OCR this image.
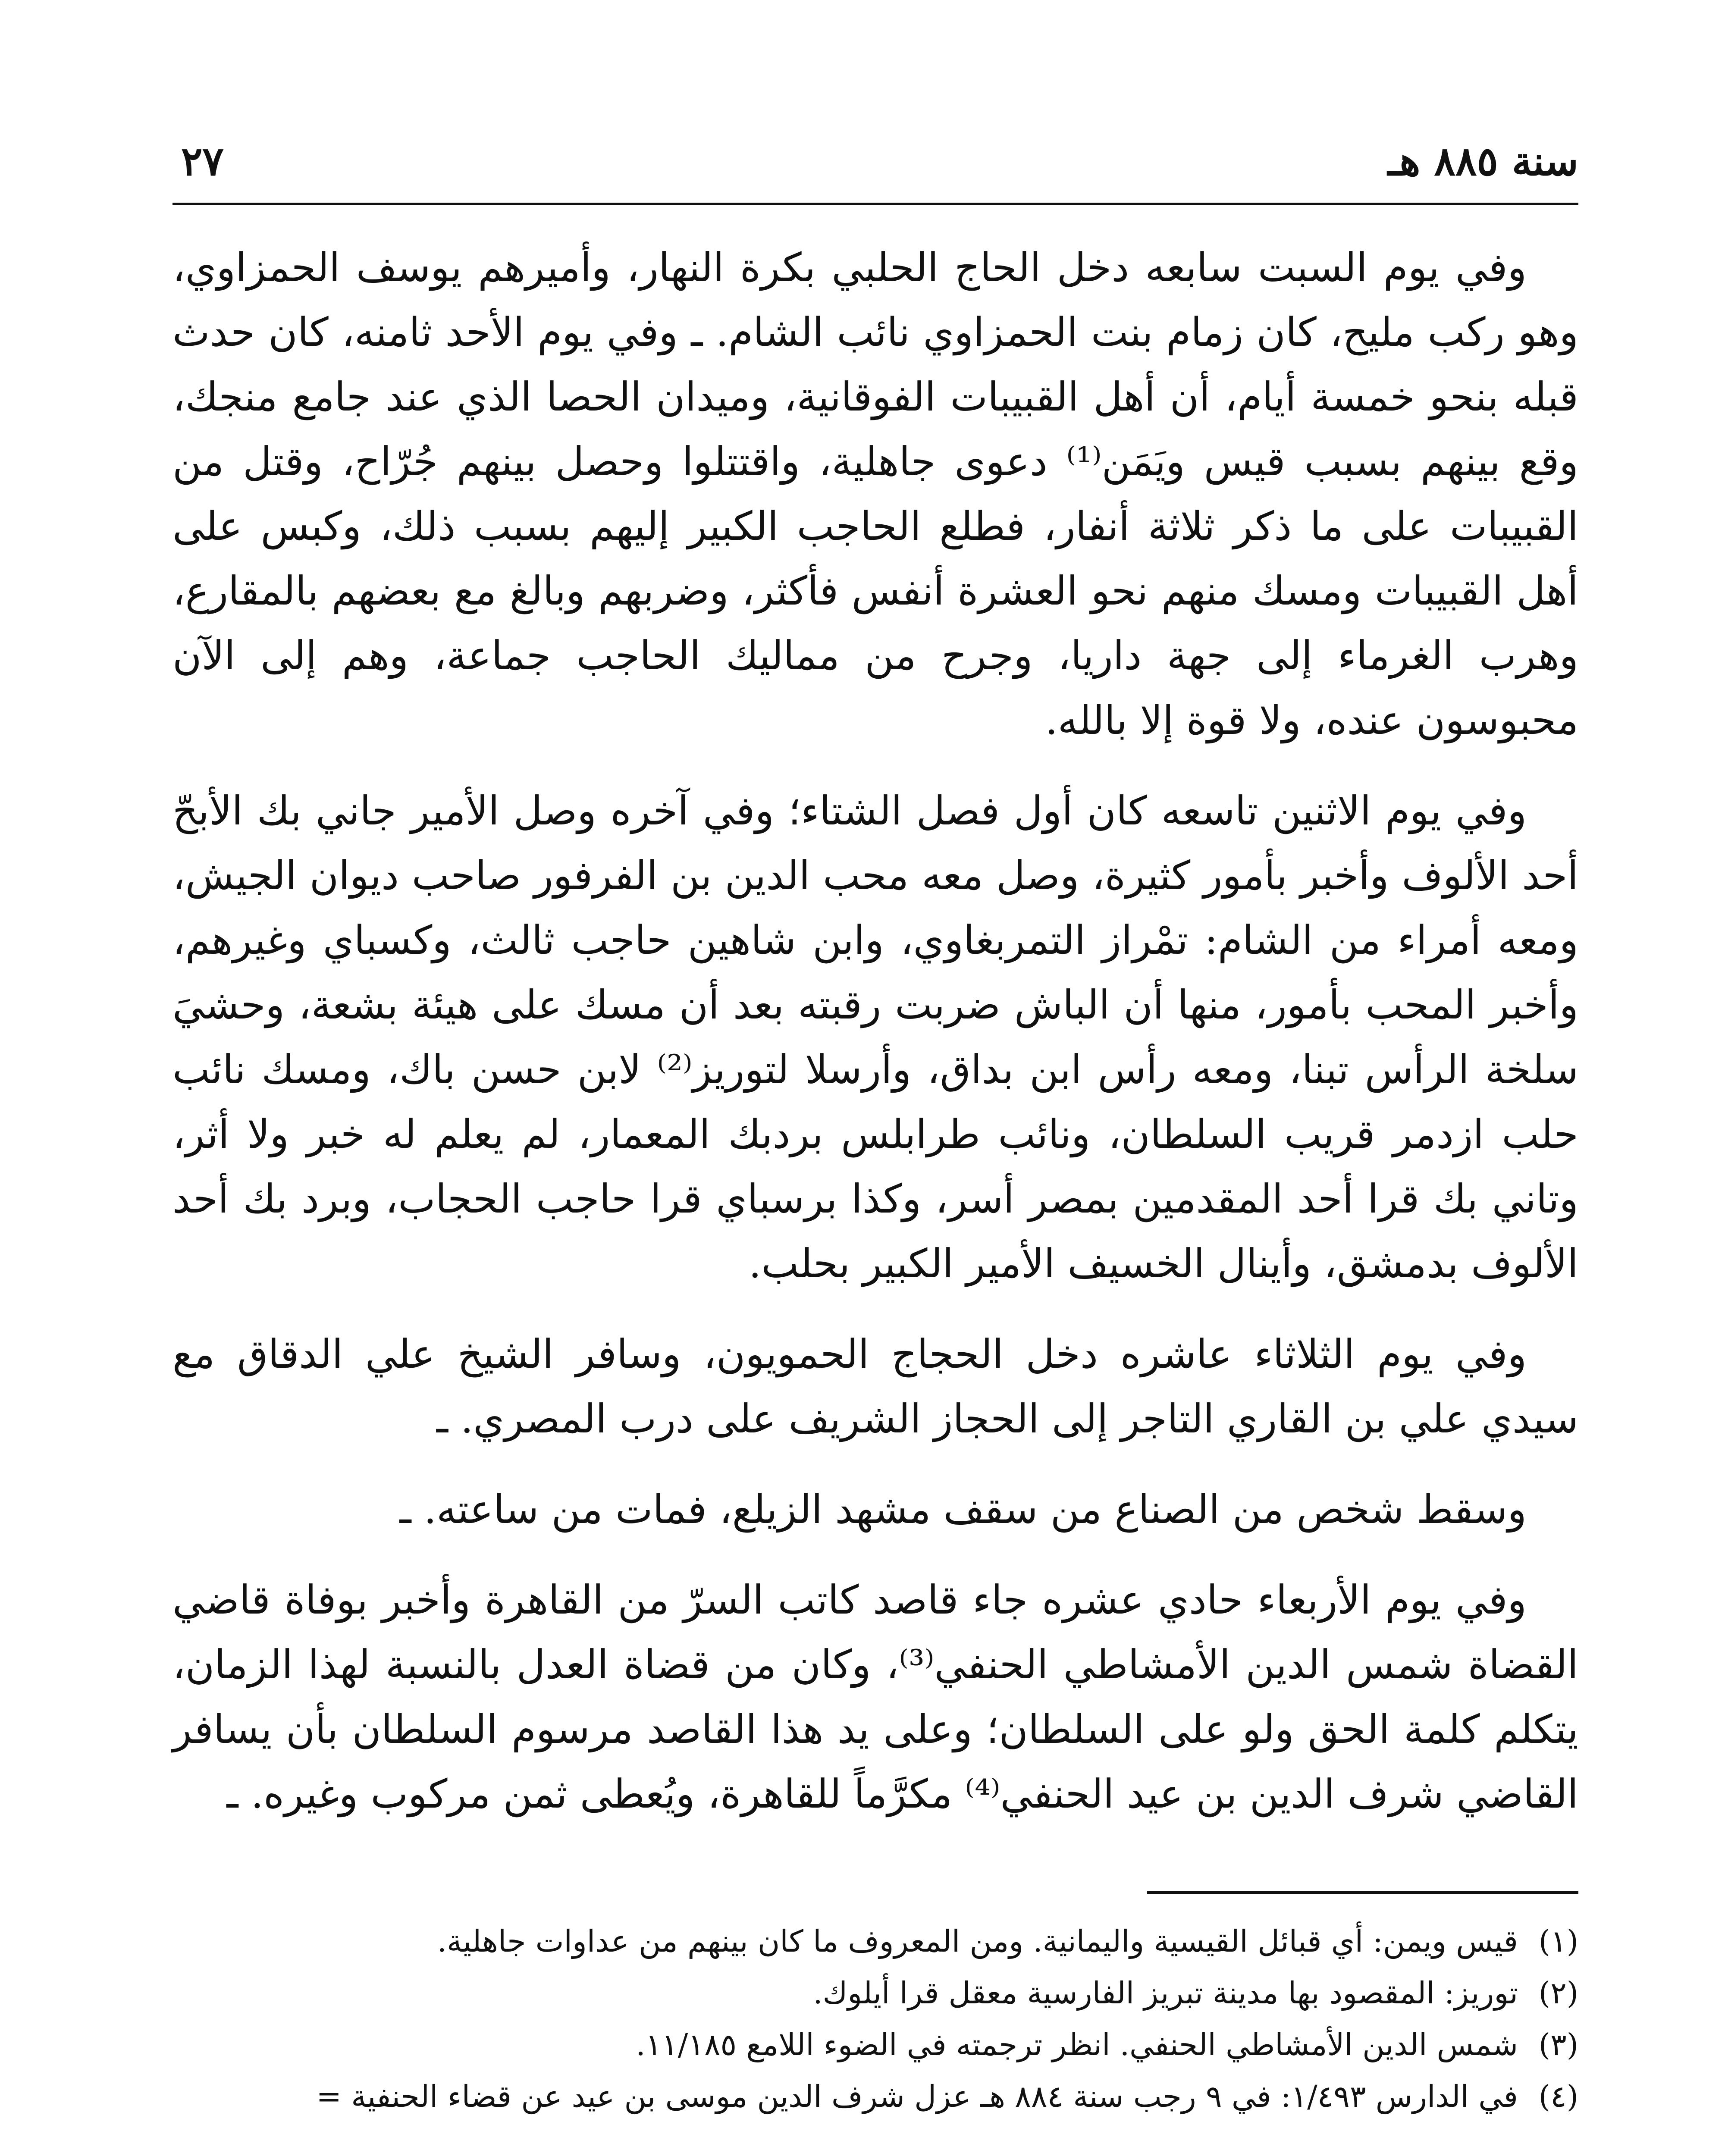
سنة ٨٨٥ هـ
٢٧

وفي يوم السبت سابعه دخل الحاج الحلبي بكرة النهار، وأميرهم يوسف الحمزاوي، وهو ركب مليح، كان زمام بنت الحمزاوي نائب الشام. ـ وفي يوم الأحد ثامنه، كان حدث قبله بنحو خمسة أيام، أن أهل القبيبات الفوقانية، وميدان الحصا الذي عند جامع منجك، وقع بينهم بسبب قيس ويَمَن⁽¹⁾ دعوى جاهلية، واقتتلوا وحصل بينهم جُرّاح، وقتل من القبيبات على ما ذكر ثلاثة أنفار، فطلع الحاجب الكبير إليهم بسبب ذلك، وكبس على أهل القبيبات ومسك منهم نحو العشرة أنفس فأكثر، وضربهم وبالغ مع بعضهم بالمقارع، وهرب الغرماء إلى جهة داريا، وجرح من مماليك الحاجب جماعة، وهم إلى الآن محبوسون عنده، ولا قوة إلا بالله.

وفي يوم الاثنين تاسعه كان أول فصل الشتاء؛ وفي آخره وصل الأمير جاني بك الأبحّ أحد الألوف وأخبر بأمور كثيرة، وصل معه محب الدين بن الفرفور صاحب ديوان الجيش، ومعه أمراء من الشام: تمْراز التمربغاوي، وابن شاهين حاجب ثالث، وكسباي وغيرهم، وأخبر المحب بأمور، منها أن الباش ضربت رقبته بعد أن مسك على هيئة بشعة، وحشيَ سلخة الرأس تبنا، ومعه رأس ابن بداق، وأرسلا لتوريز⁽²⁾ لابن حسن باك، ومسك نائب حلب ازدمر قريب السلطان، ونائب طرابلس بردبك المعمار، لم يعلم له خبر ولا أثر، وتاني بك قرا أحد المقدمين بمصر أسر، وكذا برسباي قرا حاجب الحجاب، وبرد بك أحد الألوف بدمشق، وأينال الخسيف الأمير الكبير بحلب.

وفي يوم الثلاثاء عاشره دخل الحجاج الحمويون، وسافر الشيخ علي الدقاق مع سيدي علي بن القاري التاجر إلى الحجاز الشريف على درب المصري. ـ

وسقط شخص من الصناع من سقف مشهد الزيلع، فمات من ساعته. ـ

وفي يوم الأربعاء حادي عشره جاء قاصد كاتب السرّ من القاهرة وأخبر بوفاة قاضي القضاة شمس الدين الأمشاطي الحنفي⁽³⁾، وكان من قضاة العدل بالنسبة لهذا الزمان، يتكلم كلمة الحق ولو على السلطان؛ وعلى يد هذا القاصد مرسوم السلطان بأن يسافر القاضي شرف الدين بن عيد الحنفي⁽⁴⁾ مكرَّماً للقاهرة، ويُعطى ثمن مركوب وغيره. ـ

(١)
قيس ويمن: أي قبائل القيسية واليمانية. ومن المعروف ما كان بينهم من عداوات جاهلية.
(٢)
توريز: المقصود بها مدينة تبريز الفارسية معقل قرا أيلوك.
(٣)
شمس الدين الأمشاطي الحنفي. انظر ترجمته في الضوء اللامع ١١/١٨٥.
(٤)
في الدارس ١/٤٩٣: في ٩ رجب سنة ٨٨٤ هـ عزل شرف الدين موسى بن عيد عن قضاء الحنفية =
